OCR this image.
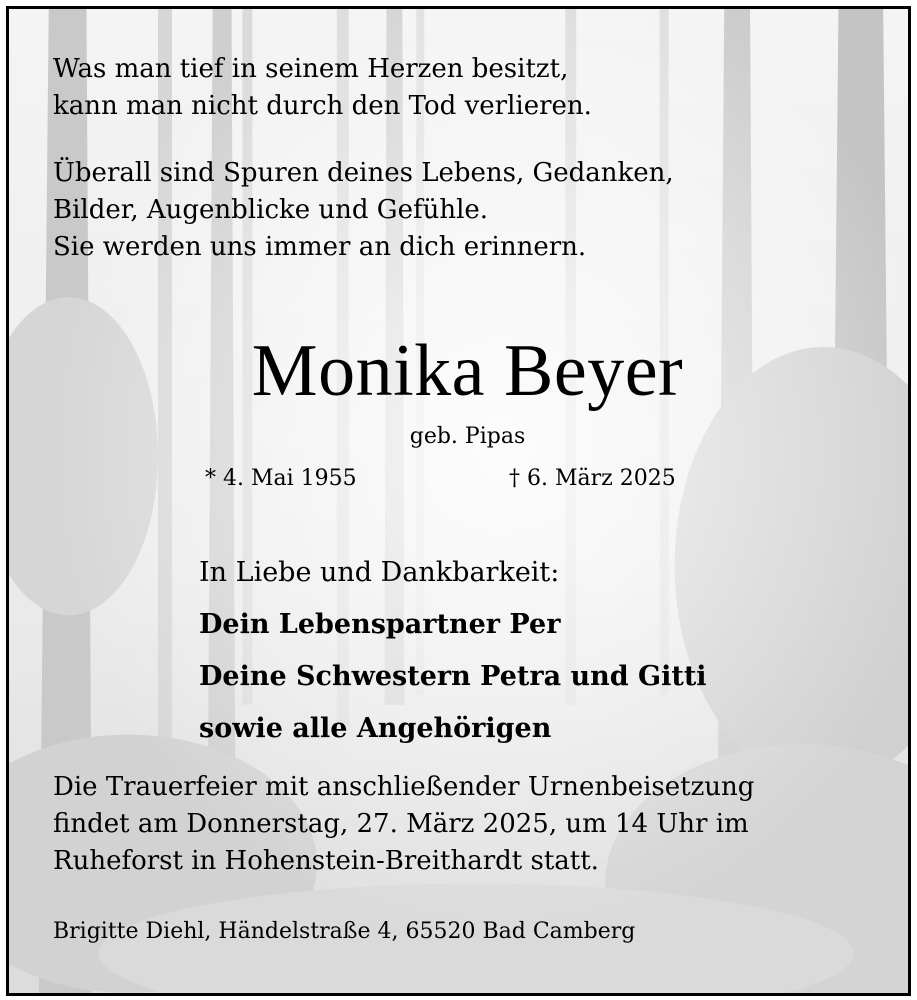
Was man tief in seinem Herzen besitzt,

kann man nicht durch den Tod verlieren.

Überall sind Spuren deines Lebens, Gedanken,

Bilder, Augenblicke und Gefühle.

Sie werden uns immer an dich erinnern.

Monika Beyer
geb. Pipas
* 4. Mai 1955	† 6. März 2025

In Liebe und Dankbarkeit:

Dein Lebenspartner Per

Deine Schwestern Petra und Gitti

sowie alle Angehörigen

Die Trauerfeier mit anschließender Urnenbeisetzung

findet am Donnerstag, 27. März 2025, um 14 Uhr im

Ruheforst in Hohenstein-Breithardt statt.

Brigitte Diehl, Händelstraße 4, 65520 Bad Camberg
